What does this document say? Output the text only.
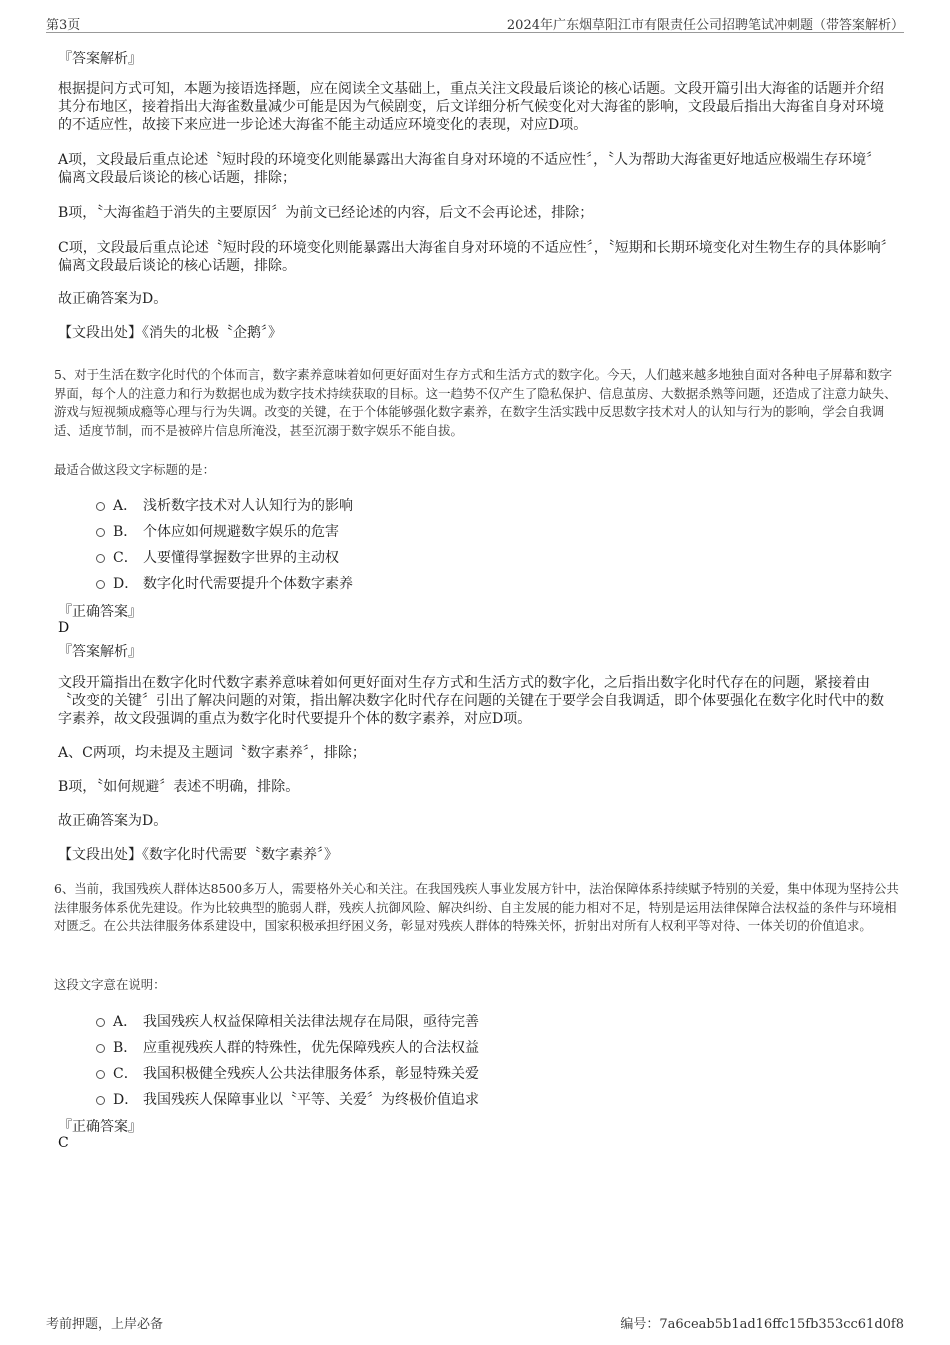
第3页	2024年广东烟草阳江市有限责任公司招聘笔试冲刺题（带答案解析）
『答案解析』

根据提问方式可知，本题为接语选择题，应在阅读全文基础上，重点关注文段最后谈论的核心话题。文段开篇引出大海雀的话题并介绍其分布地区，接着指出大海雀数量减少可能是因为气候剧变，后文详细分析气候变化对大海雀的影响，文段最后指出大海雀自身对环境的不适应性，故接下来应进一步论述大海雀不能主动适应环境变化的表现，对应D项。

A项，文段最后重点论述〝短时段的环境变化则能暴露出大海雀自身对环境的不适应性〞，〝人为帮助大海雀更好地适应极端生存环境〞偏离文段最后谈论的核心话题，排除；

B项，〝大海雀趋于消失的主要原因〞为前文已经论述的内容，后文不会再论述，排除；

C项，文段最后重点论述〝短时段的环境变化则能暴露出大海雀自身对环境的不适应性〞，〝短期和长期环境变化对生物生存的具体影响〞偏离文段最后谈论的核心话题，排除。

故正确答案为D。

【文段出处】《消失的北极〝企鹅〞》

5、对于生活在数字化时代的个体而言，数字素养意味着如何更好面对生存方式和生活方式的数字化。今天，人们越来越多地独自面对各种电子屏幕和数字界面，每个人的注意力和行为数据也成为数字技术持续获取的目标。这一趋势不仅产生了隐私保护、信息茧房、大数据杀熟等问题，还造成了注意力缺失、游戏与短视频成瘾等心理与行为失调。改变的关键，在于个体能够强化数字素养，在数字生活实践中反思数字技术对人的认知与行为的影响，学会自我调适、适度节制，而不是被碎片信息所淹没，甚至沉溺于数字娱乐不能自拔。

最适合做这段文字标题的是：
A． 浅析数字技术对人认知行为的影响
B． 个体应如何规避数字娱乐的危害
C． 人要懂得掌握数字世界的主动权
D． 数字化时代需要提升个体数字素养
『正确答案』
D
『答案解析』

文段开篇指出在数字化时代数字素养意味着如何更好面对生存方式和生活方式的数字化，之后指出数字化时代存在的问题，紧接着由〝改变的关键〞引出了解决问题的对策，指出解决数字化时代存在问题的关键在于要学会自我调适，即个体要强化在数字化时代中的数字素养，故文段强调的重点为数字化时代要提升个体的数字素养，对应D项。

A、C两项，均未提及主题词〝数字素养〞，排除；

B项，〝如何规避〞表述不明确，排除。

故正确答案为D。

【文段出处】《数字化时代需要〝数字素养〞》

6、当前，我国残疾人群体达8500多万人，需要格外关心和关注。在我国残疾人事业发展方针中，法治保障体系持续赋予特别的关爱，集中体现为坚持公共法律服务体系优先建设。作为比较典型的脆弱人群，残疾人抗御风险、解决纠纷、自主发展的能力相对不足，特别是运用法律保障合法权益的条件与环境相对匮乏。在公共法律服务体系建设中，国家积极承担纾困义务，彰显对残疾人群体的特殊关怀，折射出对所有人权利平等对待、一体关切的价值追求。

这段文字意在说明：
A． 我国残疾人权益保障相关法律法规存在局限，亟待完善
B． 应重视残疾人群的特殊性，优先保障残疾人的合法权益
C． 我国积极健全残疾人公共法律服务体系，彰显特殊关爱
D． 我国残疾人保障事业以〝平等、关爱〞为终极价值追求
『正确答案』
C
考前押题，上岸必备	编号：7a6ceab5b1ad16ffc15fb353cc61d0f8
